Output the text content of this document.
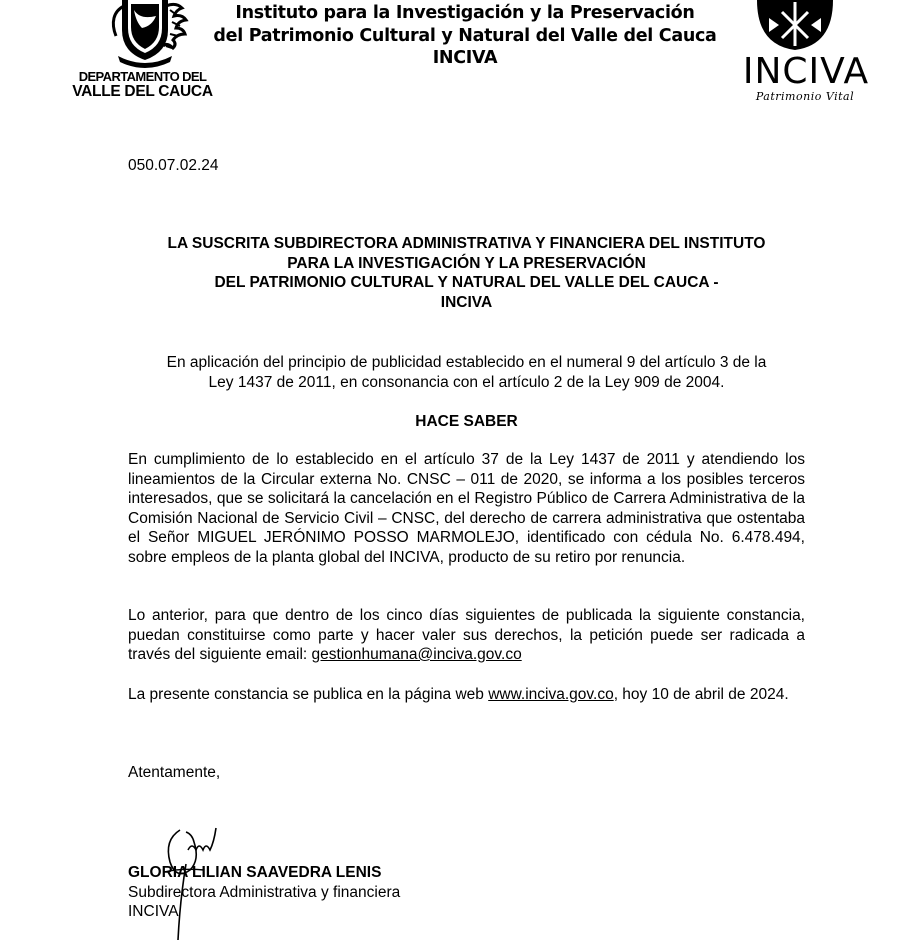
DEPARTAMENTO DEL
VALLE DEL CAUCA
Instituto para la Investigación y la Preservación
del Patrimonio Cultural y Natural del Valle del Cauca
INCIVA	INCIVA
Patrimonio Vital
050.07.02.24
LA SUSCRITA SUBDIRECTORA ADMINISTRATIVA Y FINANCIERA DEL INSTITUTO
PARA LA INVESTIGACIÓN Y LA PRESERVACIÓN
DEL PATRIMONIO CULTURAL Y NATURAL DEL VALLE DEL CAUCA -
INCIVA
En aplicación del principio de publicidad establecido en el numeral 9 del artículo 3 de la
Ley 1437 de 2011, en consonancia con el artículo 2 de la Ley 909 de 2004.
HACE SABER
En cumplimiento de lo establecido en el artículo 37 de la Ley 1437 de 2011 y atendiendo los lineamientos de la Circular externa No. CNSC – 011 de 2020, se informa a los posibles terceros interesados, que se solicitará la cancelación en el Registro Público de Carrera Administrativa de la Comisión Nacional de Servicio Civil – CNSC, del derecho de carrera administrativa que ostentaba el Señor MIGUEL JERÓNIMO POSSO MARMOLEJO, identificado con cédula No. 6.478.494, sobre empleos de la planta global del INCIVA, producto de su retiro por renuncia.
Lo anterior, para que dentro de los cinco días siguientes de publicada la siguiente constancia, puedan constituirse como parte y hacer valer sus derechos, la petición puede ser radicada a través del siguiente email: gestionhumana@inciva.gov.co
La presente constancia se publica en la página web www.inciva.gov.co, hoy 10 de abril de 2024.
Atentamente,
GLORIA LILIAN SAAVEDRA LENIS
Subdirectora Administrativa y financiera
INCIVA
